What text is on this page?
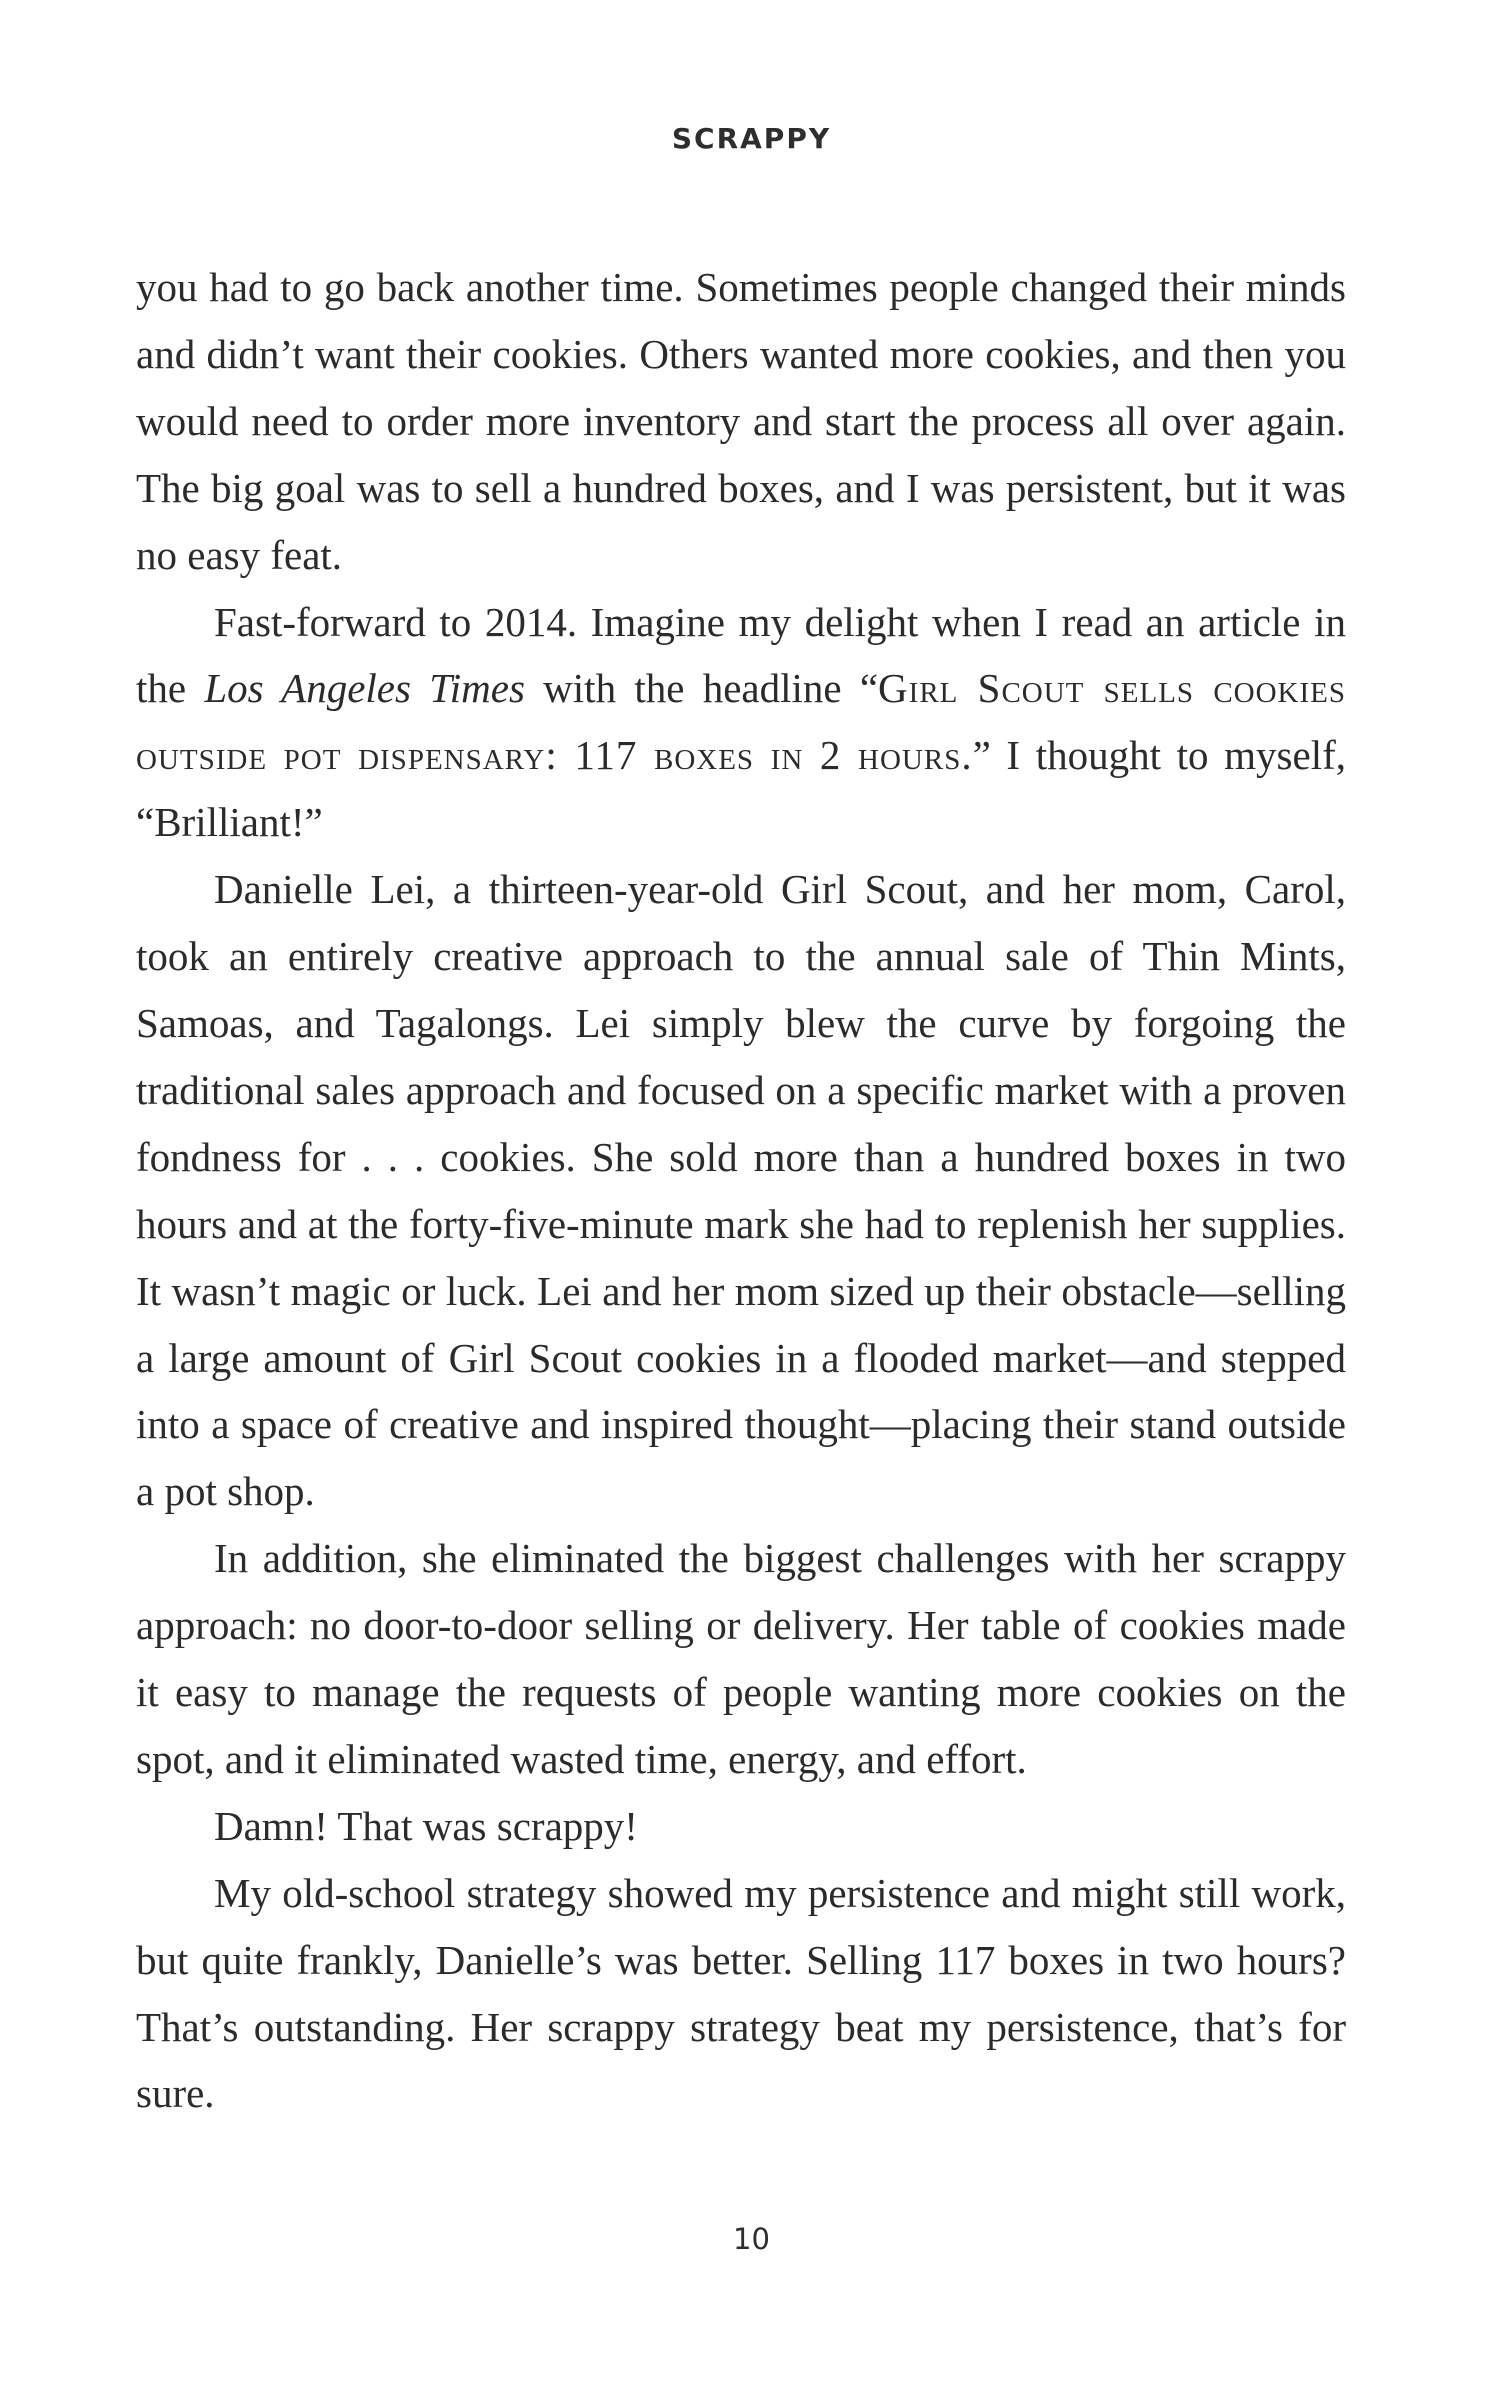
SCRAPPY

you had to go back another time. Sometimes people changed their minds and didn’t want their cookies. Others wanted more cookies, and then you would need to order more inventory and start the process all over again. The big goal was to sell a hundred boxes, and I was persistent, but it was no easy feat.

Fast-forward to 2014. Imagine my delight when I read an article in the Los Angeles Times with the headline “Girl Scout sells cookies outside pot dispensary: 117 boxes in 2 hours.” I thought to myself, “Brilliant!”

Danielle Lei, a thirteen-year-old Girl Scout, and her mom, Carol, took an entirely creative approach to the annual sale of Thin Mints, Samoas, and Tagalongs. Lei simply blew the curve by forgoing the traditional sales approach and focused on a specific market with a proven fondness for . . . cookies. She sold more than a hundred boxes in two hours and at the forty-five-minute mark she had to replenish her supplies. It wasn’t magic or luck. Lei and her mom sized up their obstacle—selling a large amount of Girl Scout cookies in a flooded market—and stepped into a space of creative and inspired thought—placing their stand outside a pot shop.

In addition, she eliminated the biggest challenges with her scrappy approach: no door-to-door selling or delivery. Her table of cookies made it easy to manage the requests of people wanting more cookies on the spot, and it eliminated wasted time, energy, and effort.

Damn! That was scrappy!

My old-school strategy showed my persistence and might still work, but quite frankly, Danielle’s was better. Selling 117 boxes in two hours? That’s outstanding. Her scrappy strategy beat my persistence, that’s for sure.

10
